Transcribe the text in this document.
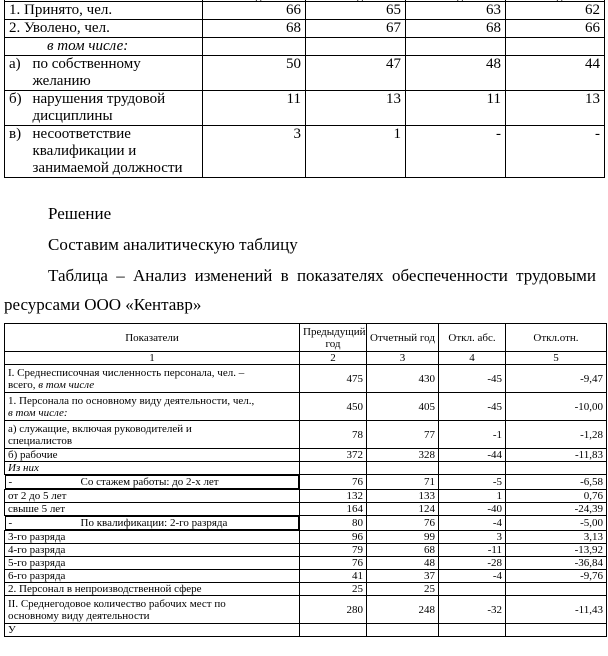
1. Принято, чел.		66	65	63	62
2. Уволено, чел.		68	67	68	66
в том числе:					
а)	по собственному
желанию	50	47	48	44
б)	нарушения трудовой
дисциплины	11	13	11	13
в)	несоответствие
квалификации и
занимаемой должности	3	1	-	-
Решение
Составим аналитическую таблицу
Таблица – Анализ изменений в показателях обеспеченности трудовыми
ресурсами ООО «Кентавр»
Показатели	Предыдущий год	Отчетный год	Откл. абс.	Откл.отн.
1	2	3	4	5
I. Среднесписочная численность персонала, чел. –
всего, в том числе	475	430	-45	-9,47
1. Персонала по основному виду деятельности, чел.,
в том числе:	450	405	-45	-10,00
а) служащие, включая руководителей и
специалистов	78	77	-1	-1,28
б) рабочие	372	328	-44	-11,83
Из них				

-	Со стажем работы: до 2-х лет	76	71	-5	-6,58
от 2 до 5 лет	132	133	1	0,76
свыше 5 лет	164	124	-40	-24,39

-	По квалификации: 2-го разряда	80	76	-4	-5,00
3-го разряда	96	99	3	3,13
4-го разряда	79	68	-11	-13,92
5-го разряда	76	48	-28	-36,84
6-го разряда	41	37	-4	-9,76
2. Персонал в непроизводственной сфере	25	25		
II. Среднегодовое количество рабочих мест по
основному виду деятельности	280	248	-32	-11,43
У				
